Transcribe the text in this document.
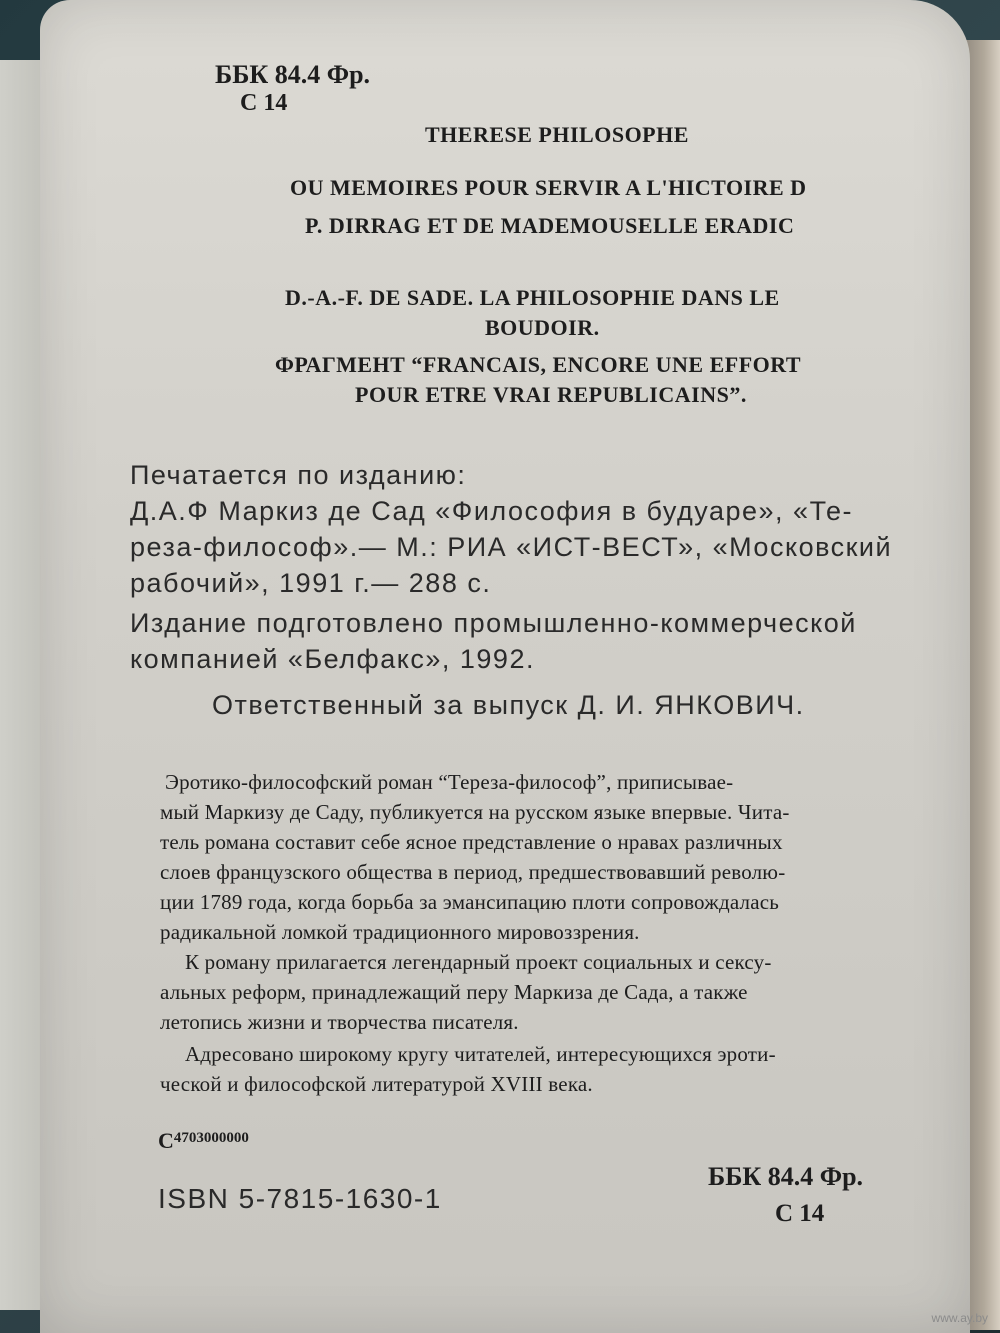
ББК 84.4 Фр.
С 14
THERESE PHILOSOPHE
OU MEMOIRES POUR SERVIR A L'HICTOIRE D
P. DIRRAG ET DE MADEMOUSELLE ERADIC
D.-A.-F. DE SADE. LA PHILOSOPHIE DANS LE
BOUDOIR.
ФРАГМЕНТ “FRANCAIS, ENCORE UNE EFFORT
POUR ETRE VRAI REPUBLICAINS”.
Печатается по изданию:
Д.А.Ф Маркиз де Сад «Философия в будуаре», «Те-
реза-философ».— М.: РИА «ИСТ-ВЕСТ», «Московский
рабочий», 1991 г.— 288 с.
Издание подготовлено промышленно-коммерческой
компанией «Белфакс», 1992.
Ответственный за выпуск Д. И. ЯНКОВИЧ.
Эротико-философский роман “Тереза-философ”, приписывае-
мый Маркизу де Саду, публикуется на русском языке впервые. Чита-
тель романа составит себе ясное представление о нравах различных
слоев французского общества в период, предшествовавший револю-
ции 1789 года, когда борьба за эмансипацию плоти сопровождалась
радикальной ломкой традиционного мировоззрения.
К роману прилагается легендарный проект социальных и сексу-
альных реформ, принадлежащий перу Маркиза де Сада, а также
летопись жизни и творчества писателя.
Адресовано широкому кругу читателей, интересующихся эроти-
ческой и философской литературой XVIII века.
$С^{4703000000}$
ISBN 5-7815-1630-1
ББК 84.4 Фр.
С 14
www.ay.by
